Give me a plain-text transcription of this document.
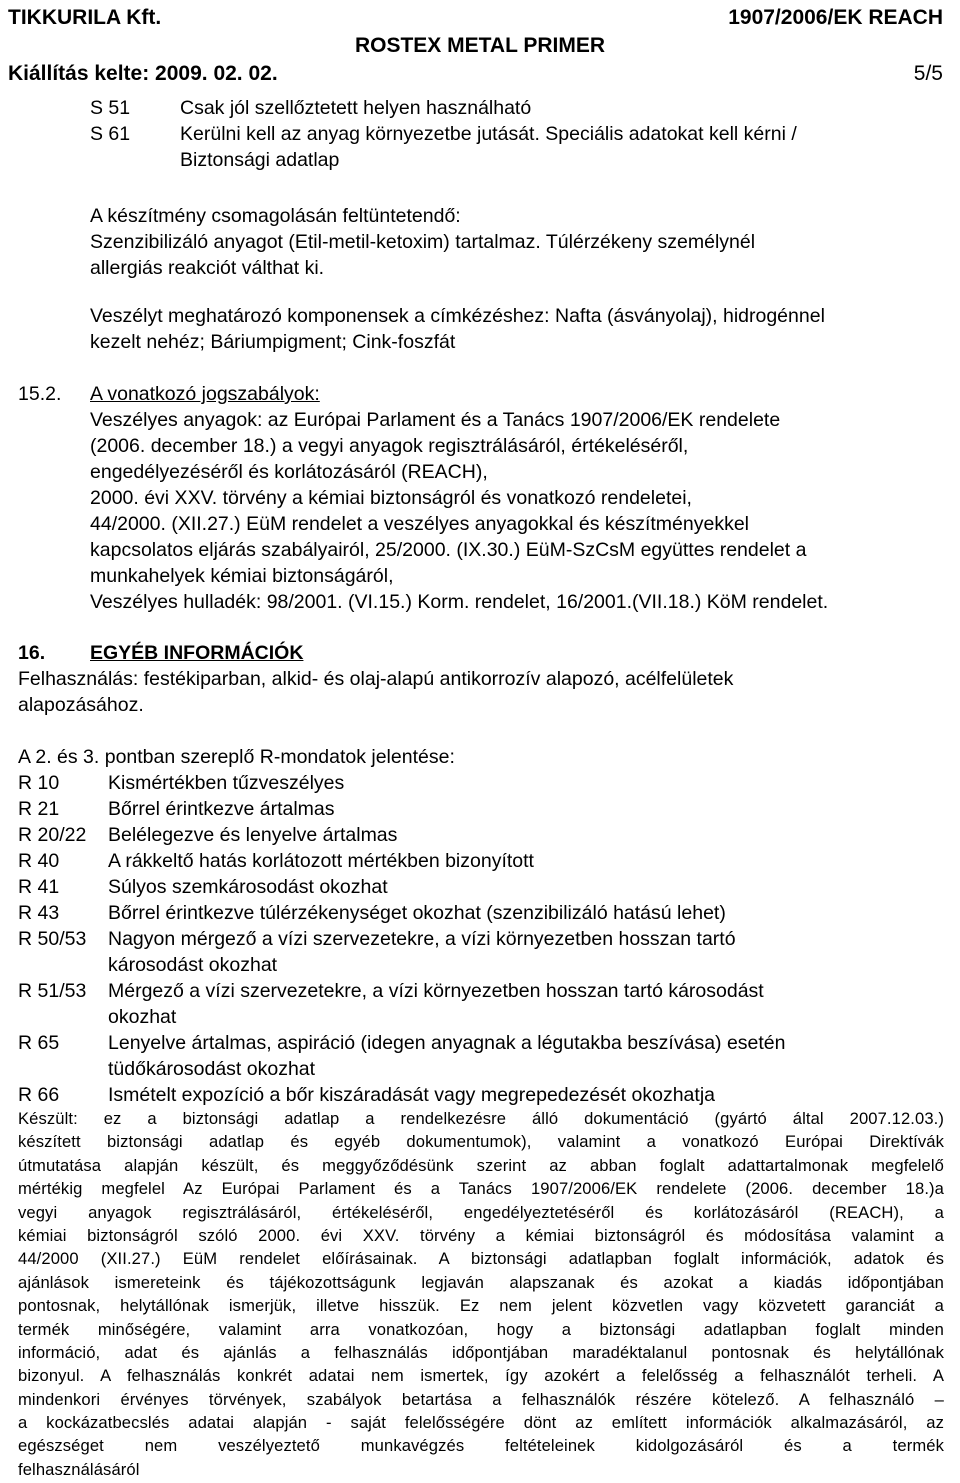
TIKKURILA Kft.	1907/2006/EK REACH
ROSTEX METAL PRIMER
Kiállítás kelte: 2009. 02. 02.	5/5
S 51	Csak jól szellőztetett helyen használható
S 61	Kerülni kell az anyag környezetbe jutását. Speciális adatokat kell kérni /
Biztonsági adatlap
A készítmény csomagolásán feltüntetendő:
Szenzibilizáló anyagot (Etil-metil-ketoxim) tartalmaz. Túlérzékeny személynél
allergiás reakciót válthat ki.
Veszélyt meghatározó komponensek a címkézéshez: Nafta (ásványolaj), hidrogénnel
kezelt nehéz; Báriumpigment; Cink-foszfát
15.2. A vonatkozó jogszabályok:
Veszélyes anyagok: az Európai Parlament és a Tanács 1907/2006/EK rendelete
(2006. december 18.) a vegyi anyagok regisztrálásáról, értékeléséről,
engedélyezéséről és korlátozásáról (REACH),
2000. évi XXV. törvény a kémiai biztonságról és vonatkozó rendeletei,
44/2000. (XII.27.) EüM rendelet a veszélyes anyagokkal és készítményekkel
kapcsolatos eljárás szabályairól, 25/2000. (IX.30.) EüM-SzCsM együttes rendelet a
munkahelyek kémiai biztonságáról,
Veszélyes hulladék: 98/2001. (VI.15.) Korm. rendelet, 16/2001.(VII.18.) KöM rendelet.
16. EGYÉB INFORMÁCIÓK
Felhasználás: festékiparban, alkid- és olaj-alapú antikorrozív alapozó, acélfelületek
alapozásához.
A 2. és 3. pontban szereplő R-mondatok jelentése:
R 10	Kismértékben tűzveszélyes
R 21	Bőrrel érintkezve ártalmas
R 20/22 Belélegezve és lenyelve ártalmas
R 40	A rákkeltő hatás korlátozott mértékben bizonyított
R 41	Súlyos szemkárosodást okozhat
R 43	Bőrrel érintkezve túlérzékenységet okozhat (szenzibilizáló hatású lehet)
R 50/53 Nagyon mérgező a vízi szervezetekre, a vízi környezetben hosszan tartó
károsodást okozhat
R 51/53 Mérgező a vízi szervezetekre, a vízi környezetben hosszan tartó károsodást
okozhat
R 65	Lenyelve ártalmas, aspiráció (idegen anyagnak a légutakba beszívása) esetén
tüdőkárosodást okozhat
R 66	Ismételt expozíció a bőr kiszáradását vagy megrepedezését okozhatja
Készült: ez a biztonsági adatlap a rendelkezésre álló dokumentáció (gyártó által 2007.12.03.)
készített biztonsági adatlap és egyéb dokumentumok), valamint a vonatkozó Európai Direktívák
útmutatása alapján készült, és meggyőződésünk szerint az abban foglalt adattartalmonak megfelelő
mértékig megfelel Az Európai Parlament és a Tanács 1907/2006/EK rendelete (2006. december 18.)a
vegyi anyagok regisztrálásáról, értékeléséről, engedélyeztetéséről és korlátozásáról (REACH), a
kémiai biztonságról szóló 2000. évi XXV. törvény a kémiai biztonságról és módosítása valamint a
44/2000 (XII.27.) EüM rendelet előírásainak. A biztonsági adatlapban foglalt információk, adatok és
ajánlások ismereteink és tájékozottságunk legjaván alapszanak és azokat a kiadás időpontjában
pontosnak, helytállónak ismerjük, illetve hisszük. Ez nem jelent közvetlen vagy közvetett garanciát a
termék minőségére, valamint arra vonatkozóan, hogy a biztonsági adatlapban foglalt minden
információ, adat és ajánlás a felhasználás időpontjában maradéktalanul pontosnak és helytállónak
bizonyul. A felhasználás konkrét adatai nem ismertek, így azokért a felelősség a felhasználót terheli. A
mindenkori érvényes törvények, szabályok betartása a felhasználók részére kötelező. A felhasználó –
a kockázatbecslés adatai alapján - saját felelősségére dönt az említett információk alkalmazásáról, az
egészséget nem veszélyeztető munkavégzés feltételeinek kidolgozásáról és a termék
felhasználásáról
